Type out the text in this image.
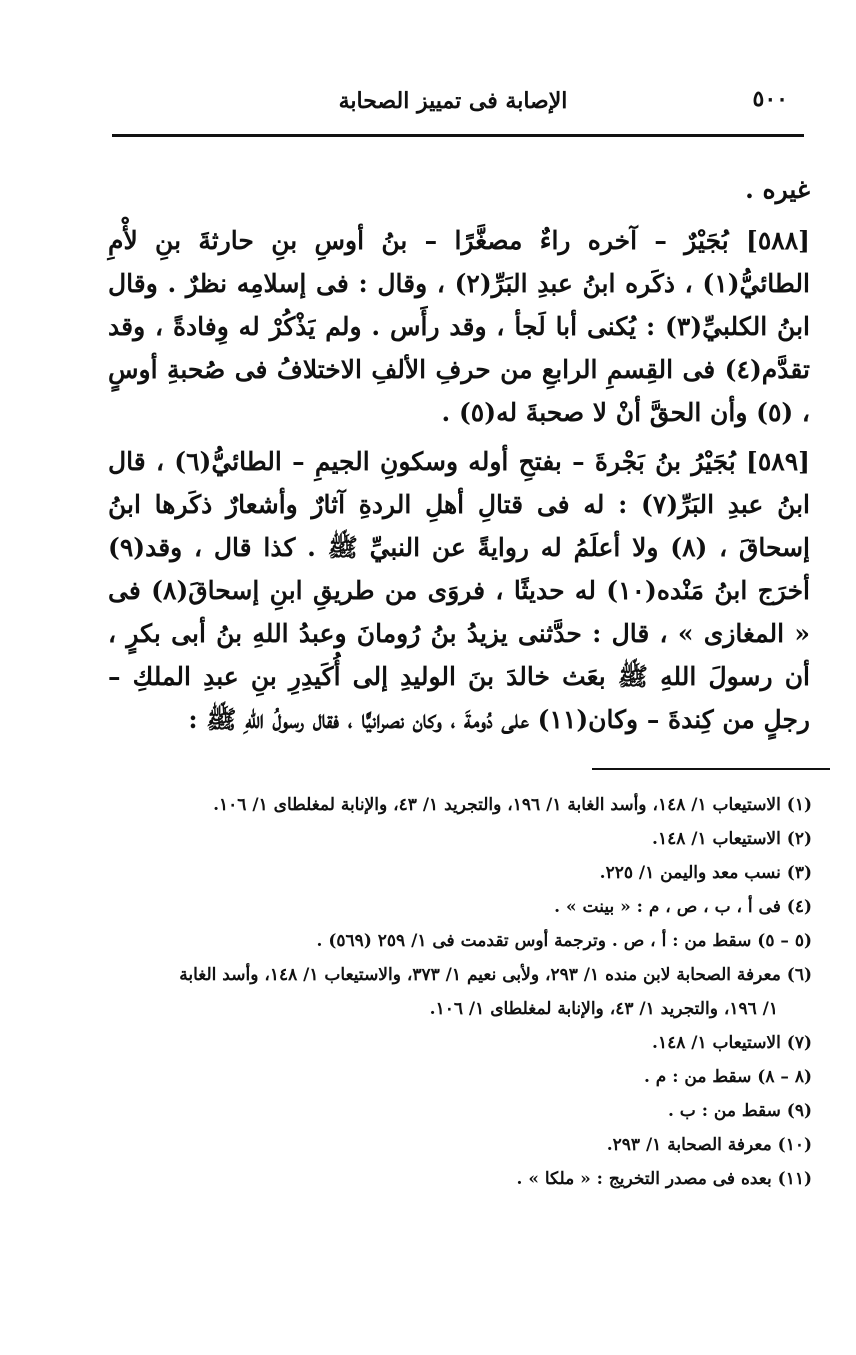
٥٠٠
الإصابة فى تمييز الصحابة

غيره .

[٥٨٨] بُجَيْرٌ – آخره راءٌ مصغَّرًا – بنُ أوسِ بنِ حارثةَ بنِ لأْمِ الطائيُّ(١) ، ذكَره ابنُ عبدِ البَرِّ(٢) ، وقال : فى إسلامِه نظرٌ . وقال ابنُ الكلبيِّ(٣) : يُكنى أبا لَجأ ، وقد رأَس . ولم يَذْكُرْ له وِفادةً ، وقد تقدَّم(٤) فى القِسمِ الرابعِ من حرفِ الألفِ الاختلافُ فى صُحبةِ أوسٍ ، (٥) وأن الحقَّ أنْ لا صحبةَ له(٥) .

[٥٨٩] بُجَيْرُ بنُ بَجْرةَ – بفتحِ أوله وسكونِ الجيمِ – الطائيُّ(٦) ، قال ابنُ عبدِ البَرِّ(٧) : له فى قتالِ أهلِ الردةِ آثارٌ وأشعارٌ ذكَرها ابنُ إسحاقَ ، (٨) ولا أعلَمُ له روايةً عن النبيِّ ﷺ . كذا قال ، وقد(٩) أخرَج ابنُ مَنْده(١٠) له حديثًا ، فروَى من طريقِ ابنِ إسحاقَ(٨) فى « المغازى » ، قال : حدَّثنى يزيدُ بنُ رُومانَ وعبدُ اللهِ بنُ أبى بكرٍ ، أن رسولَ اللهِ ﷺ بعَث خالدَ بنَ الوليدِ إلى أُكَيدِرِ بنِ عبدِ الملكِ – رجلٍ من كِندةَ – وكان(١١) على دُومةَ ، وكان نصرانيًّا ، فقال رسولُ اللهِ ﷺ :

(١) الاستيعاب ١/ ١٤٨، وأسد الغابة ١/ ١٩٦، والتجريد ١/ ٤٣، والإنابة لمغلطاى ١/ ١٠٦.

(٢) الاستيعاب ١/ ١٤٨.

(٣) نسب معد واليمن ١/ ٢٢٥.

(٤) فى أ ، ب ، ص ، م : « بينت » .

(٥ – ٥) سقط من : أ ، ص . وترجمة أوس تقدمت فى ١/ ٢٥٩ (٥٦٩) .

(٦) معرفة الصحابة لابن منده ١/ ٢٩٣، ولأبى نعيم ١/ ٣٧٣، والاستيعاب ١/ ١٤٨، وأسد الغابة

١/ ١٩٦، والتجريد ١/ ٤٣، والإنابة لمغلطاى ١/ ١٠٦.

(٧) الاستيعاب ١/ ١٤٨.

(٨ – ٨) سقط من : م .

(٩) سقط من : ب .

(١٠) معرفة الصحابة ١/ ٢٩٣.

(١١) بعده فى مصدر التخريج : « ملكا » .
